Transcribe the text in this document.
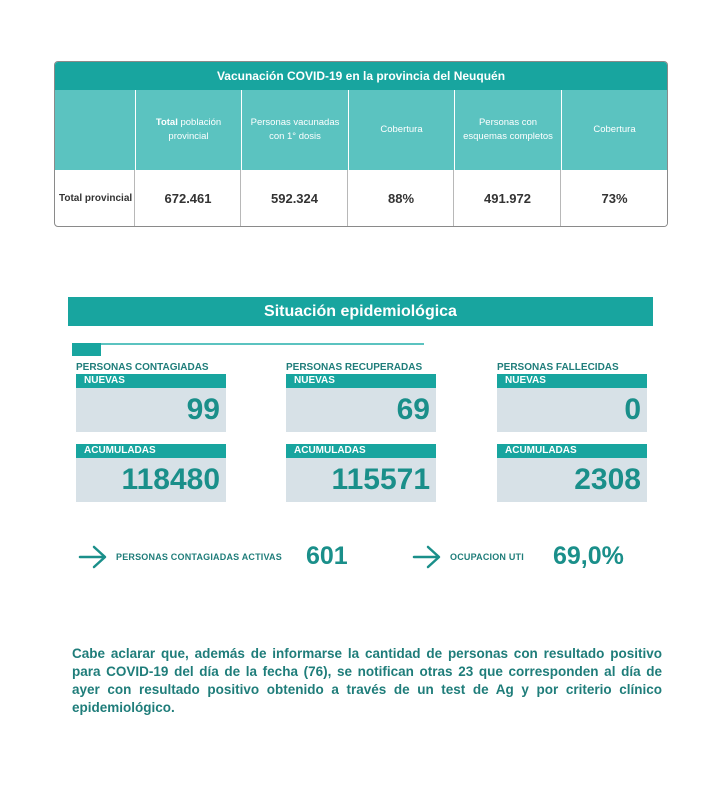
Vacunación COVID-19 en la provincia del Neuquén
Total provincial
Total población provincial
672.461
Personas vacunadas con 1° dosis
592.324
Cobertura
88%
Personas con esquemas completos
491.972
Cobertura
73%
Situación epidemiológica
PERSONAS CONTAGIADAS
NUEVAS
99
ACUMULADAS
118480
PERSONAS RECUPERADAS
NUEVAS
69
ACUMULADAS
115571
PERSONAS FALLECIDAS
NUEVAS
0
ACUMULADAS
2308
PERSONAS CONTAGIADAS ACTIVAS 601	OCUPACION UTI 69,0%
Cabe aclarar que, además de informarse la cantidad de personas con resultado positivo para COVID-19 del día de la fecha (76), se notifican otras 23 que corresponden al día de ayer con resultado positivo obtenido a través de un test de Ag y por criterio clínico epidemiológico.
